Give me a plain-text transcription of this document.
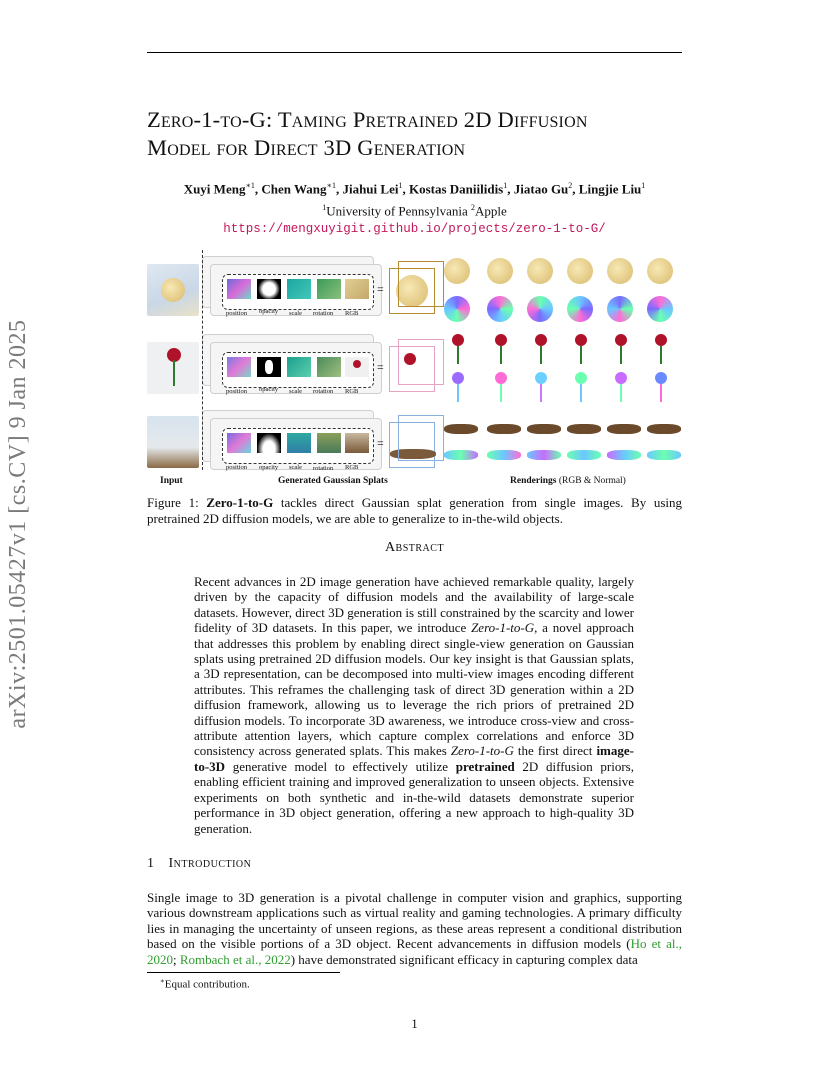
arXiv:2501.05427v1 [cs.CV] 9 Jan 2025
Zero-1-to-G: Taming Pretrained 2D Diffusion
Model for Direct 3D Generation
Xuyi Meng$^{∗1}$, Chen Wang$^{∗1}$, Jiahui Lei$^1$, Kostas Daniilidis$^1$, Jiatao Gu$^2$, Lingjie Liu$^1$
$^1$University of Pennsylvania $^2$Apple
https://mengxuyigit.github.io/projects/zero-1-to-G/
position opacity scale rotation RGB
=
position opacity scale rotation RGB
=
position opacity scale rotation RGB
=
Input	Generated Gaussian Splats	Renderings (RGB & Normal)
Figure 1: Zero-1-to-G tackles direct Gaussian splat generation from single images. By using pretrained 2D diffusion models, we are able to generalize to in-the-wild objects.
Abstract
Recent advances in 2D image generation have achieved remarkable quality, largely driven by the capacity of diffusion models and the availability of large-scale datasets. However, direct 3D generation is still constrained by the scarcity and lower fidelity of 3D datasets. In this paper, we introduce Zero-1-to-G, a novel approach that addresses this problem by enabling direct single-view generation on Gaussian splats using pretrained 2D diffusion models. Our key insight is that Gaussian splats, a 3D representation, can be decomposed into multi-view images encoding different attributes. This reframes the challenging task of direct 3D generation within a 2D diffusion framework, allowing us to leverage the rich priors of pretrained 2D diffusion models. To incorporate 3D awareness, we introduce cross-view and cross-attribute attention layers, which capture complex correlations and enforce 3D consistency across generated splats. This makes Zero-1-to-G the first direct image-to-3D generative model to effectively utilize pretrained 2D diffusion priors, enabling efficient training and improved generalization to unseen objects. Extensive experiments on both synthetic and in-the-wild datasets demonstrate superior performance in 3D object generation, offering a new approach to high-quality 3D generation.
1 Introduction
Single image to 3D generation is a pivotal challenge in computer vision and graphics, supporting various downstream applications such as virtual reality and gaming technologies. A primary difficulty lies in managing the uncertainty of unseen regions, as these areas represent a conditional distribution based on the visible portions of a 3D object. Recent advancements in diffusion models (Ho et al., 2020; Rombach et al., 2022) have demonstrated significant efficacy in capturing complex data
∗Equal contribution.
1
